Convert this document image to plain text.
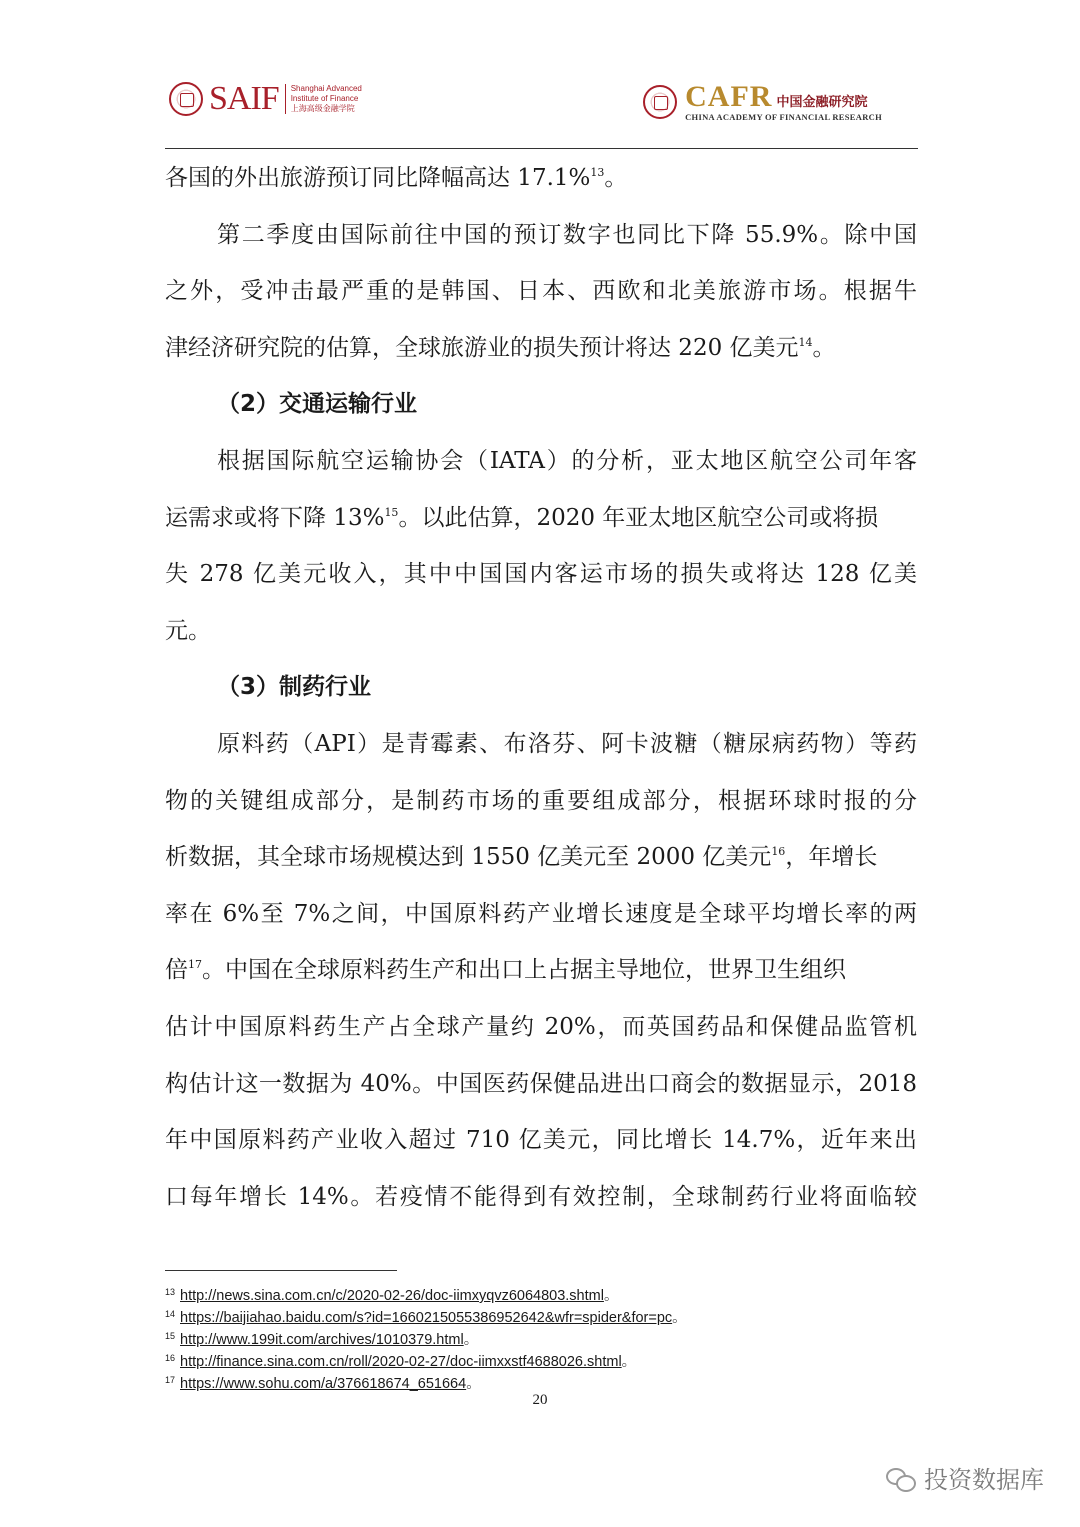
SAIF Shanghai Advanced
Institute of Finance
上海高级金融学院	CAFR 中国金融研究院
CHINA ACADEMY OF FINANCIAL RESEARCH
各国的外出旅游预订同比降幅高达 17.1%$^{13}$。
第二季度由国际前往中国的预订数字也同比下降 55.9%。除中国
之外，受冲击最严重的是韩国、日本、西欧和北美旅游市场。根据牛
津经济研究院的估算，全球旅游业的损失预计将达 220 亿美元$^{14}$。
（2）交通运输行业
根据国际航空运输协会（IATA）的分析，亚太地区航空公司年客
运需求或将下降 13%$^{15}$。以此估算，2020 年亚太地区航空公司或将损
失 278 亿美元收入，其中中国国内客运市场的损失或将达 128 亿美
元。
（3）制药行业
原料药（API）是青霉素、布洛芬、阿卡波糖（糖尿病药物）等药
物的关键组成部分，是制药市场的重要组成部分，根据环球时报的分
析数据，其全球市场规模达到 1550 亿美元至 2000 亿美元$^{16}$，年增长
率在 6%至 7%之间，中国原料药产业增长速度是全球平均增长率的两
倍$^{17}$。中国在全球原料药生产和出口上占据主导地位，世界卫生组织
估计中国原料药生产占全球产量约 20%，而英国药品和保健品监管机
构估计这一数据为 40%。中国医药保健品进出口商会的数据显示，2018
年中国原料药产业收入超过 710 亿美元，同比增长 14.7%，近年来出
口每年增长 14%。若疫情不能得到有效控制，全球制药行业将面临较
13 http://news.sina.com.cn/c/2020-02-26/doc-iimxyqvz6064803.shtml。
14 https://baijiahao.baidu.com/s?id=1660215055386952642&wfr=spider&for=pc。
15 http://www.199it.com/archives/1010379.html。
16 http://finance.sina.com.cn/roll/2020-02-27/doc-iimxxstf4688026.shtml。
17 https://www.sohu.com/a/376618674_651664。
20
投资数据库
